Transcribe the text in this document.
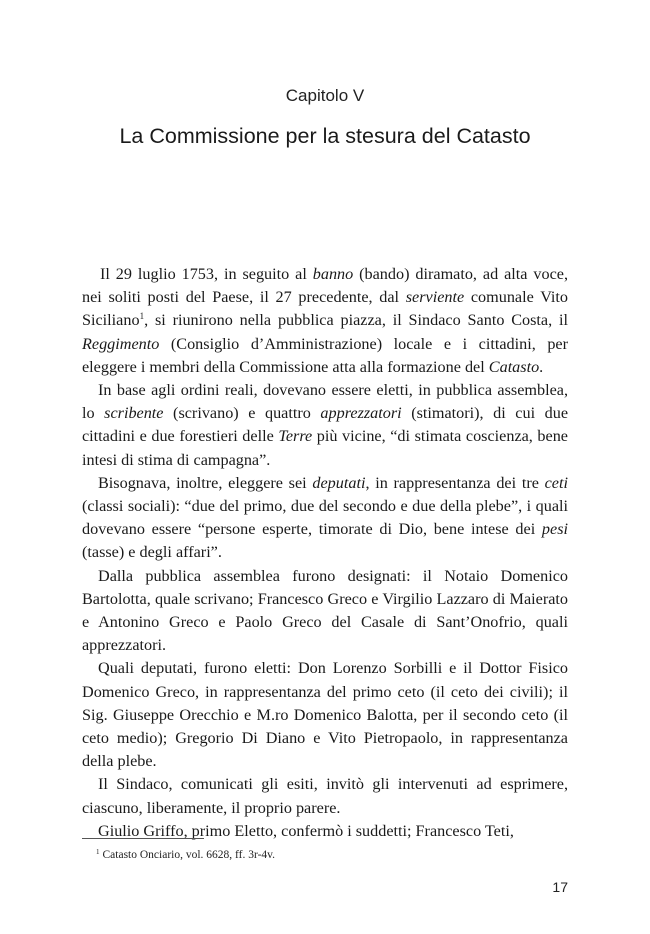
Capitolo V
La Commissione per la stesura del Catasto

Il 29 luglio 1753, in seguito al banno (bando) diramato, ad alta voce, nei soliti posti del Paese, il 27 precedente, dal serviente comunale Vito Siciliano$^1$, si riunirono nella pubblica piazza, il Sindaco Santo Costa, il Reggimento (Consiglio d’Amministrazione) locale e i cittadini, per eleggere i membri della Commissione atta alla formazione del Catasto.

In base agli ordini reali, dovevano essere eletti, in pubblica assemblea, lo scribente (scrivano) e quattro apprezzatori (stimatori), di cui due cittadini e due forestieri delle Terre più vicine, “di stimata coscienza, bene intesi di stima di campagna”.

Bisognava, inoltre, eleggere sei deputati, in rappresentanza dei tre ceti (classi sociali): “due del primo, due del secondo e due della plebe”, i quali dovevano essere “persone esperte, timorate di Dio, bene intese dei pesi (tasse) e degli affari”.

Dalla pubblica assemblea furono designati: il Notaio Domenico Bartolotta, quale scrivano; Francesco Greco e Virgilio Lazzaro di Maierato e Antonino Greco e Paolo Greco del Casale di Sant’Onofrio, quali apprezzatori.

Quali deputati, furono eletti: Don Lorenzo Sorbilli e il Dottor Fisico Domenico Greco, in rappresentanza del primo ceto (il ceto dei civili); il Sig. Giuseppe Orecchio e M.ro Domenico Balotta, per il secondo ceto (il ceto medio); Gregorio Di Diano e Vito Pietropaolo, in rappresentanza della plebe.

Il Sindaco, comunicati gli esiti, invitò gli intervenuti ad esprimere, ciascuno, liberamente, il proprio parere.

Giulio Griffo, primo Eletto, confermò i suddetti; Francesco Teti,

$^1$ Catasto Onciario, vol. 6628, ff. 3r-4v.
17
